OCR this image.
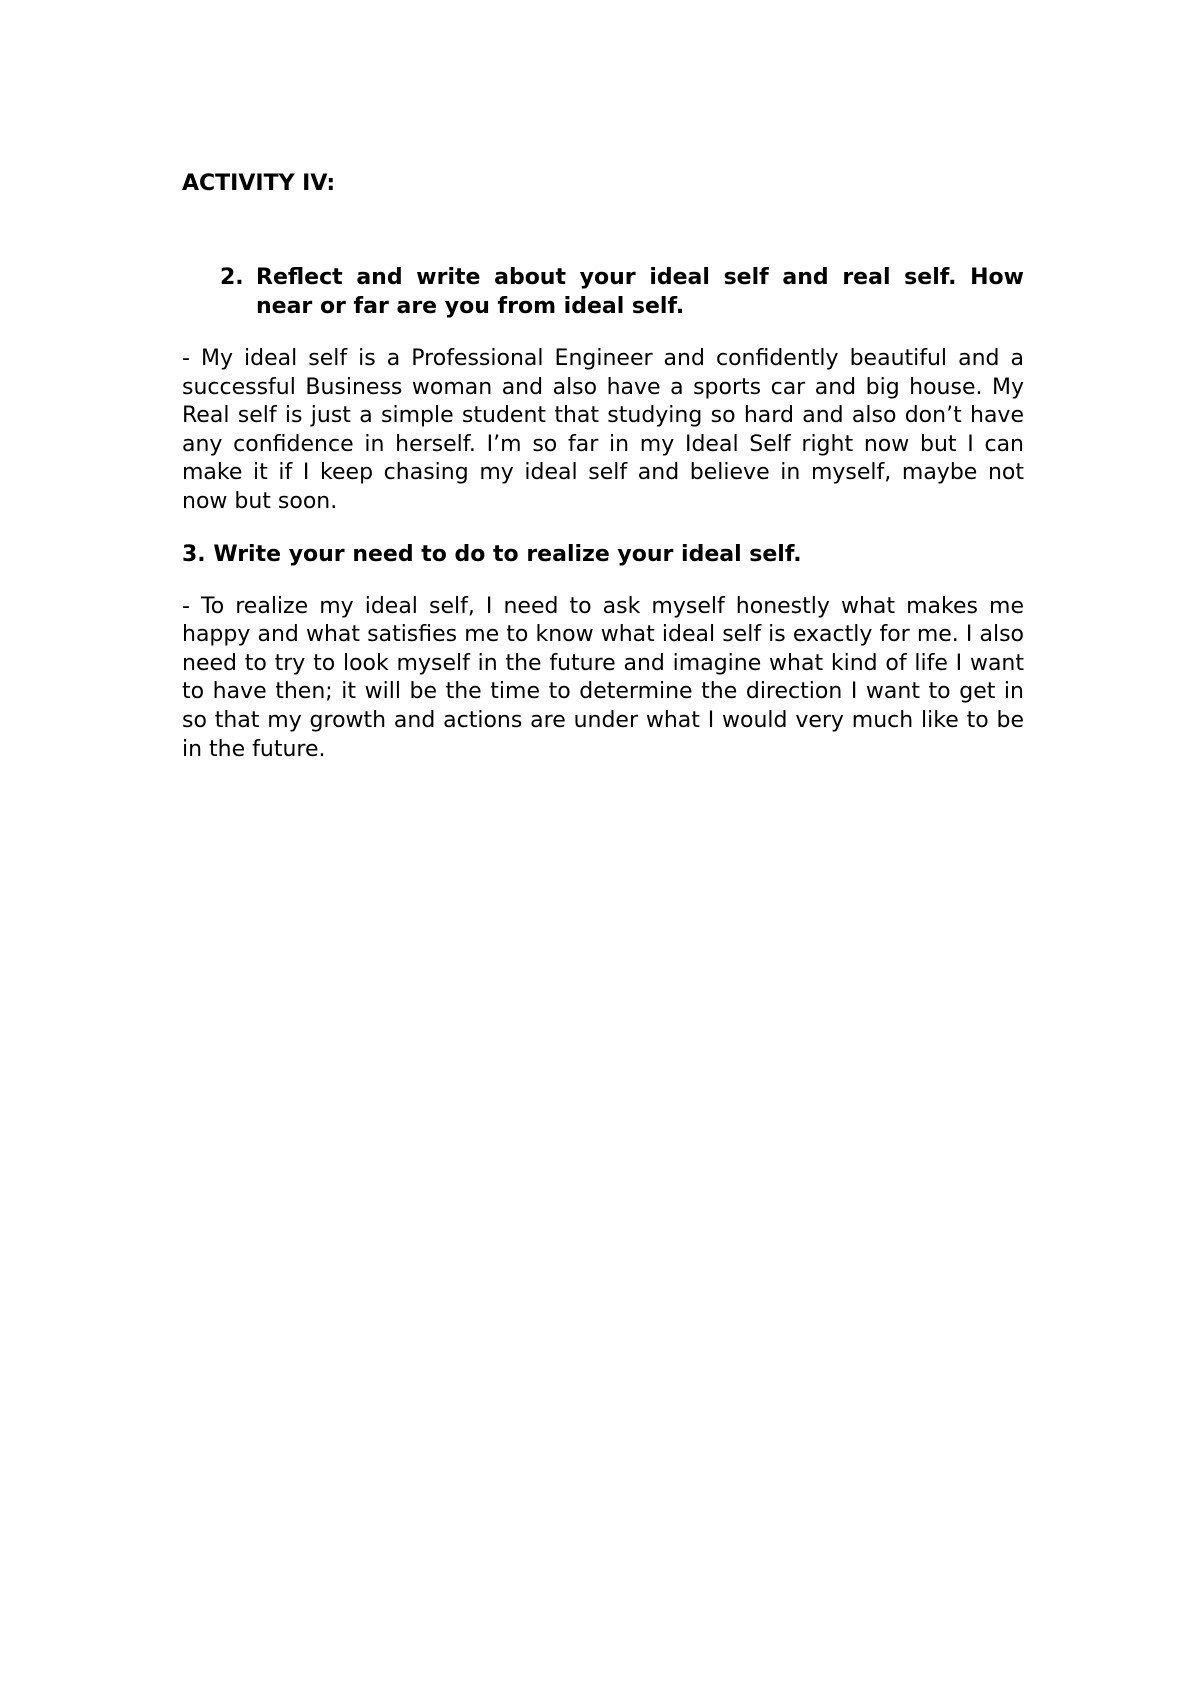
ACTIVITY IV:

2. Reflect and write about your ideal self and real self. How near or far are you from ideal self.

- My ideal self is a Professional Engineer and confidently beautiful and a successful Business woman and also have a sports car and big house. My Real self is just a simple student that studying so hard and also don’t have any confidence in herself. I’m so far in my Ideal Self right now but I can make it if I keep chasing my ideal self and believe in myself, maybe not now but soon.

3. Write your need to do to realize your ideal self.

- To realize my ideal self, I need to ask myself honestly what makes me happy and what satisfies me to know what ideal self is exactly for me. I also need to try to look myself in the future and imagine what kind of life I want to have then; it will be the time to determine the direction I want to get in so that my growth and actions are under what I would very much like to be in the future.
